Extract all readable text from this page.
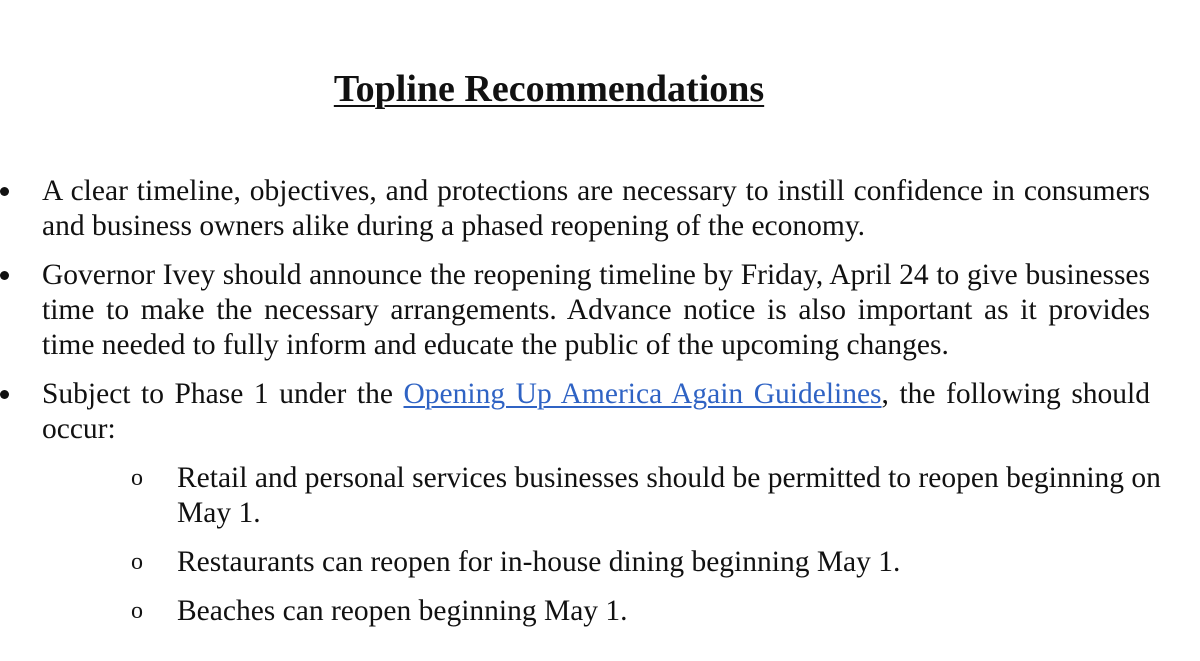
Topline Recommendations
A clear timeline, objectives, and protections are necessary to instill confidence in consumers and business owners alike during a phased reopening of the economy.
Governor Ivey should announce the reopening timeline by Friday, April 24 to give businesses time to make the necessary arrangements. Advance notice is also important as it provides time needed to fully inform and educate the public of the upcoming changes.
Subject to Phase 1 under the Opening Up America Again Guidelines, the following should occur:
o Retail and personal services businesses should be permitted to reopen beginning on May 1.
o Restaurants can reopen for in-house dining beginning May 1.
o Beaches can reopen beginning May 1.
